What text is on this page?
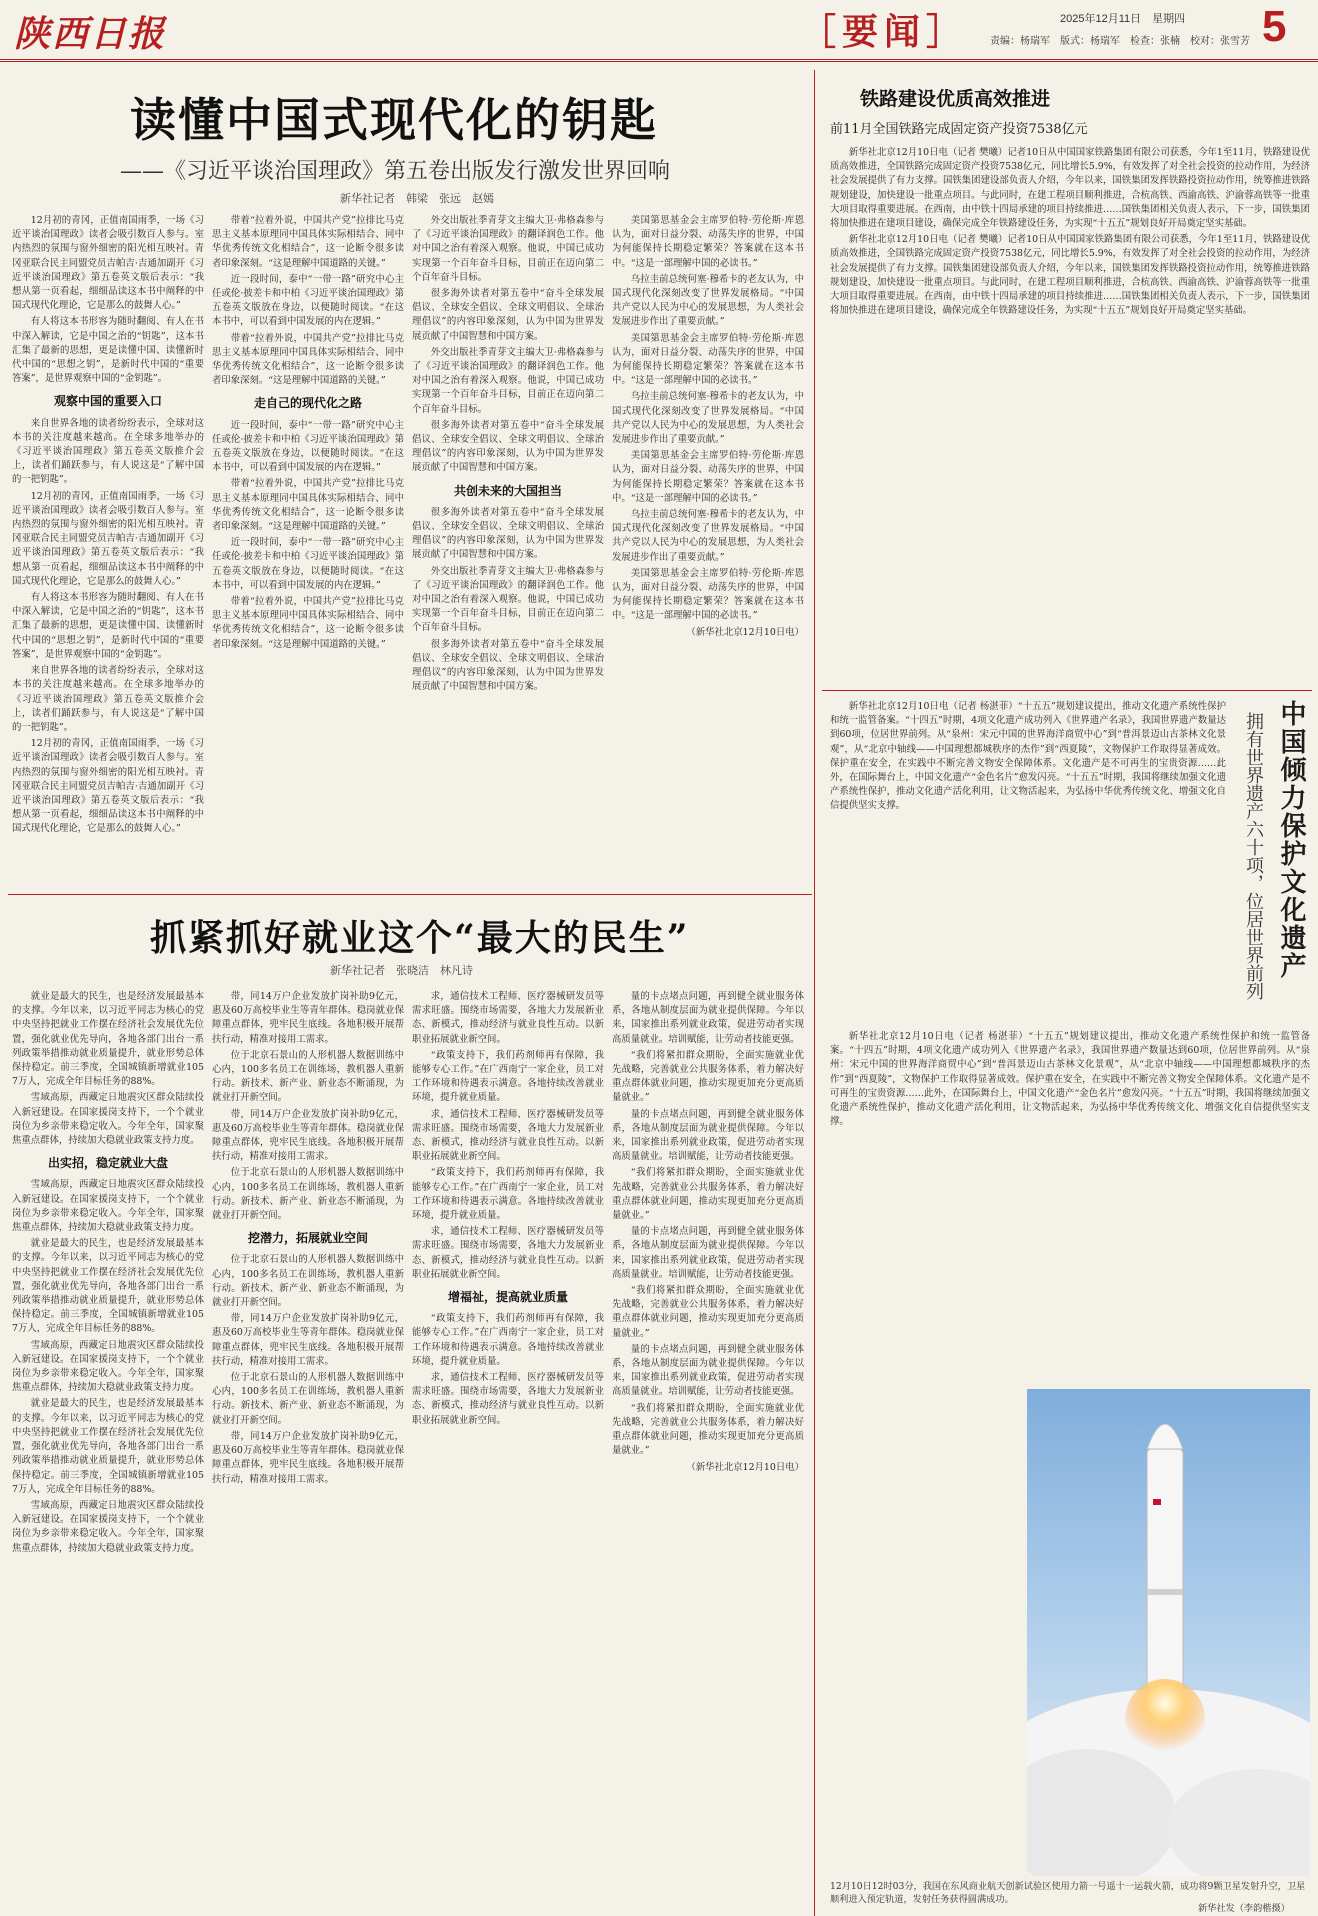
陕西日报	［要闻］	2025年12月11日　星期四
责编：杨瑞军　版式：杨瑞军　检查：张楠　校对：张雪芳 5
读懂中国式现代化的钥匙
——《习近平谈治国理政》第五卷出版发行激发世界回响
新华社记者　韩梁　张远　赵嫣

12月初的青冈，正值南国雨季，一场《习近平谈治国理政》读者会吸引数百人参与。室内热烈的氛围与窗外细密的阳光相互映衬。青冈亚联合民主同盟党员吉帕吉·吉通加副开《习近平谈治国理政》第五卷英文版后表示：“我想从第一页看起，细细品读这本书中阐释的中国式现代化理论，它是那么的鼓舞人心。”

有人将这本书形容为随时翻阅、有人在书中深入解读，它是中国之治的“钥匙”，这本书汇集了最新的思想，更是读懂中国、读懂新时代中国的“思想之钥”，是新时代中国的“重要答案”，是世界观察中国的“金钥匙”。

观察中国的重要入口

来自世界各地的读者纷纷表示，全球对这本书的关注度越来越高。在全球多地举办的《习近平谈治国理政》第五卷英文版推介会上，读者们踊跃参与，有人说这是“了解中国的一把钥匙”。

12月初的青冈，正值南国雨季，一场《习近平谈治国理政》读者会吸引数百人参与。室内热烈的氛围与窗外细密的阳光相互映衬。青冈亚联合民主同盟党员吉帕吉·吉通加副开《习近平谈治国理政》第五卷英文版后表示：“我想从第一页看起，细细品读这本书中阐释的中国式现代化理论，它是那么的鼓舞人心。”

有人将这本书形容为随时翻阅、有人在书中深入解读，它是中国之治的“钥匙”，这本书汇集了最新的思想，更是读懂中国、读懂新时代中国的“思想之钥”，是新时代中国的“重要答案”，是世界观察中国的“金钥匙”。

来自世界各地的读者纷纷表示，全球对这本书的关注度越来越高。在全球多地举办的《习近平谈治国理政》第五卷英文版推介会上，读者们踊跃参与，有人说这是“了解中国的一把钥匙”。

12月初的青冈，正值南国雨季，一场《习近平谈治国理政》读者会吸引数百人参与。室内热烈的氛围与窗外细密的阳光相互映衬。青冈亚联合民主同盟党员吉帕吉·吉通加副开《习近平谈治国理政》第五卷英文版后表示：“我想从第一页看起，细细品读这本书中阐释的中国式现代化理论，它是那么的鼓舞人心。”

带着“拉着外说，中国共产党”拉排比马克思主义基本原理同中国具体实际相结合、同中华优秀传统文化相结合”，这一论断令很多读者印象深刻。“这是理解中国道路的关键。”

近一段时间，泰中“一带一路”研究中心主任或伦·披差卡和中柏《习近平谈治国理政》第五卷英文版放在身边，以便随时阅读。“在这本书中，可以看到中国发展的内在逻辑。”

带着“拉着外说，中国共产党”拉排比马克思主义基本原理同中国具体实际相结合、同中华优秀传统文化相结合”，这一论断令很多读者印象深刻。“这是理解中国道路的关键。”

走自己的现代化之路

近一段时间，泰中“一带一路”研究中心主任或伦·披差卡和中柏《习近平谈治国理政》第五卷英文版放在身边，以便随时阅读。“在这本书中，可以看到中国发展的内在逻辑。”

带着“拉着外说，中国共产党”拉排比马克思主义基本原理同中国具体实际相结合、同中华优秀传统文化相结合”，这一论断令很多读者印象深刻。“这是理解中国道路的关键。”

近一段时间，泰中“一带一路”研究中心主任或伦·披差卡和中柏《习近平谈治国理政》第五卷英文版放在身边，以便随时阅读。“在这本书中，可以看到中国发展的内在逻辑。”

带着“拉着外说，中国共产党”拉排比马克思主义基本原理同中国具体实际相结合、同中华优秀传统文化相结合”，这一论断令很多读者印象深刻。“这是理解中国道路的关键。”

外交出版社季青芽文主编大卫·弗格森参与了《习近平谈治国理政》的翻译润色工作。他对中国之治有着深入观察。他说，中国已成功实现第一个百年奋斗目标，目前正在迈向第二个百年奋斗目标。

很多海外读者对第五卷中“奋斗全球发展倡议、全球安全倡议、全球文明倡议、全球治理倡议”的内容印象深刻，认为中国为世界发展贡献了中国智慧和中国方案。

外交出版社季青芽文主编大卫·弗格森参与了《习近平谈治国理政》的翻译润色工作。他对中国之治有着深入观察。他说，中国已成功实现第一个百年奋斗目标，目前正在迈向第二个百年奋斗目标。

很多海外读者对第五卷中“奋斗全球发展倡议、全球安全倡议、全球文明倡议、全球治理倡议”的内容印象深刻，认为中国为世界发展贡献了中国智慧和中国方案。

共创未来的大国担当

很多海外读者对第五卷中“奋斗全球发展倡议、全球安全倡议、全球文明倡议、全球治理倡议”的内容印象深刻，认为中国为世界发展贡献了中国智慧和中国方案。

外交出版社季青芽文主编大卫·弗格森参与了《习近平谈治国理政》的翻译润色工作。他对中国之治有着深入观察。他说，中国已成功实现第一个百年奋斗目标，目前正在迈向第二个百年奋斗目标。

很多海外读者对第五卷中“奋斗全球发展倡议、全球安全倡议、全球文明倡议、全球治理倡议”的内容印象深刻，认为中国为世界发展贡献了中国智慧和中国方案。

美国第思基金会主席罗伯特·劳伦斯·库恩认为，面对日益分裂、动荡失序的世界，中国为何能保持长期稳定繁荣？答案就在这本书中。“这是一部理解中国的必读书。”

乌拉圭前总统何塞·穆希卡的老友认为，中国式现代化深刻改变了世界发展格局。“中国共产党以人民为中心的发展思想，为人类社会发展进步作出了重要贡献。”

美国第思基金会主席罗伯特·劳伦斯·库恩认为，面对日益分裂、动荡失序的世界，中国为何能保持长期稳定繁荣？答案就在这本书中。“这是一部理解中国的必读书。”

乌拉圭前总统何塞·穆希卡的老友认为，中国式现代化深刻改变了世界发展格局。“中国共产党以人民为中心的发展思想，为人类社会发展进步作出了重要贡献。”

美国第思基金会主席罗伯特·劳伦斯·库恩认为，面对日益分裂、动荡失序的世界，中国为何能保持长期稳定繁荣？答案就在这本书中。“这是一部理解中国的必读书。”

乌拉圭前总统何塞·穆希卡的老友认为，中国式现代化深刻改变了世界发展格局。“中国共产党以人民为中心的发展思想，为人类社会发展进步作出了重要贡献。”

美国第思基金会主席罗伯特·劳伦斯·库恩认为，面对日益分裂、动荡失序的世界，中国为何能保持长期稳定繁荣？答案就在这本书中。“这是一部理解中国的必读书。”

（新华社北京12月10日电）
铁路建设优质高效推进
前11月全国铁路完成固定资产投资7538亿元

新华社北京12月10日电（记者 樊曦）记者10日从中国国家铁路集团有限公司获悉，今年1至11月，铁路建设优质高效推进，全国铁路完成固定资产投资7538亿元，同比增长5.9%，有效发挥了对全社会投资的拉动作用，为经济社会发展提供了有力支撑。国铁集团建设部负责人介绍，今年以来，国铁集团发挥铁路投资拉动作用，统筹推进铁路规划建设，加快建设一批重点项目。与此同时，在建工程项目顺利推进，合杭高铁、西渝高铁、沪渝蓉高铁等一批重大项目取得重要进展。在西南，由中铁十四局承建的项目持续推进……国铁集团相关负责人表示，下一步，国铁集团将加快推进在建项目建设，确保完成全年铁路建设任务，为实现“十五五”规划良好开局奠定坚实基础。

新华社北京12月10日电（记者 樊曦）记者10日从中国国家铁路集团有限公司获悉，今年1至11月，铁路建设优质高效推进，全国铁路完成固定资产投资7538亿元，同比增长5.9%，有效发挥了对全社会投资的拉动作用，为经济社会发展提供了有力支撑。国铁集团建设部负责人介绍，今年以来，国铁集团发挥铁路投资拉动作用，统筹推进铁路规划建设，加快建设一批重点项目。与此同时，在建工程项目顺利推进，合杭高铁、西渝高铁、沪渝蓉高铁等一批重大项目取得重要进展。在西南，由中铁十四局承建的项目持续推进……国铁集团相关负责人表示，下一步，国铁集团将加快推进在建项目建设，确保完成全年铁路建设任务，为实现“十五五”规划良好开局奠定坚实基础。

中国倾力保护文化遗产
拥有世界遗产六十项，位居世界前列

新华社北京12月10日电（记者 杨湛菲）“十五五”规划建议提出，推动文化遗产系统性保护和统一监管备案。“十四五”时期，4项文化遗产成功列入《世界遗产名录》，我国世界遗产数量达到60项，位居世界前列。从“泉州：宋元中国的世界海洋商贸中心”到“普洱景迈山古茶林文化景观”，从“北京中轴线——中国理想都城秩序的杰作”到“西夏陵”，文物保护工作取得显著成效。保护重在安全，在实践中不断完善文物安全保障体系。文化遗产是不可再生的宝贵资源……此外，在国际舞台上，中国文化遗产“金色名片”愈发闪亮。“十五五”时期，我国将继续加强文化遗产系统性保护，推动文化遗产活化利用，让文物活起来，为弘扬中华优秀传统文化、增强文化自信提供坚实支撑。

新华社北京12月10日电（记者 杨湛菲）“十五五”规划建议提出，推动文化遗产系统性保护和统一监管备案。“十四五”时期，4项文化遗产成功列入《世界遗产名录》，我国世界遗产数量达到60项，位居世界前列。从“泉州：宋元中国的世界海洋商贸中心”到“普洱景迈山古茶林文化景观”，从“北京中轴线——中国理想都城秩序的杰作”到“西夏陵”，文物保护工作取得显著成效。保护重在安全，在实践中不断完善文物安全保障体系。文化遗产是不可再生的宝贵资源……此外，在国际舞台上，中国文化遗产“金色名片”愈发闪亮。“十五五”时期，我国将继续加强文化遗产系统性保护，推动文化遗产活化利用，让文物活起来，为弘扬中华优秀传统文化、增强文化自信提供坚实支撑。

12月10日12时03分，我国在东风商业航天创新试验区使用力箭一号遥十一运载火箭，成功将9颗卫星发射升空，卫星顺利进入预定轨道，发射任务获得圆满成功。
新华社发（李韵楷摄）
抓紧抓好就业这个“最大的民生”
新华社记者　张晓洁　林凡诗

就业是最大的民生，也是经济发展最基本的支撑。今年以来，以习近平同志为核心的党中央坚持把就业工作摆在经济社会发展优先位置，强化就业优先导向，各地各部门出台一系列政策举措推动就业质量提升，就业形势总体保持稳定。前三季度，全国城镇新增就业1057万人，完成全年目标任务的88%。

雪域高原，西藏定日地震灾区群众陆续投入新冠建设。在国家援岗支持下，一个个就业岗位为乡亲带来稳定收入。今年全年，国家聚焦重点群体，持续加大稳就业政策支持力度。

出实招，稳定就业大盘

雪域高原，西藏定日地震灾区群众陆续投入新冠建设。在国家援岗支持下，一个个就业岗位为乡亲带来稳定收入。今年全年，国家聚焦重点群体，持续加大稳就业政策支持力度。

就业是最大的民生，也是经济发展最基本的支撑。今年以来，以习近平同志为核心的党中央坚持把就业工作摆在经济社会发展优先位置，强化就业优先导向，各地各部门出台一系列政策举措推动就业质量提升，就业形势总体保持稳定。前三季度，全国城镇新增就业1057万人，完成全年目标任务的88%。

雪域高原，西藏定日地震灾区群众陆续投入新冠建设。在国家援岗支持下，一个个就业岗位为乡亲带来稳定收入。今年全年，国家聚焦重点群体，持续加大稳就业政策支持力度。

就业是最大的民生，也是经济发展最基本的支撑。今年以来，以习近平同志为核心的党中央坚持把就业工作摆在经济社会发展优先位置，强化就业优先导向，各地各部门出台一系列政策举措推动就业质量提升，就业形势总体保持稳定。前三季度，全国城镇新增就业1057万人，完成全年目标任务的88%。

雪域高原，西藏定日地震灾区群众陆续投入新冠建设。在国家援岗支持下，一个个就业岗位为乡亲带来稳定收入。今年全年，国家聚焦重点群体，持续加大稳就业政策支持力度。

带，同14万户企业发放扩岗补助9亿元，惠及60万高校毕业生等青年群体。稳岗就业保障重点群体，兜牢民生底线。各地积极开展帮扶行动，精准对接用工需求。

位于北京石景山的人形机器人数据训练中心内，100多名员工在训练场，教机器人重新行动。新技术、新产业、新业态不断涌现，为就业打开新空间。

带，同14万户企业发放扩岗补助9亿元，惠及60万高校毕业生等青年群体。稳岗就业保障重点群体，兜牢民生底线。各地积极开展帮扶行动，精准对接用工需求。

位于北京石景山的人形机器人数据训练中心内，100多名员工在训练场，教机器人重新行动。新技术、新产业、新业态不断涌现，为就业打开新空间。

挖潜力，拓展就业空间

位于北京石景山的人形机器人数据训练中心内，100多名员工在训练场，教机器人重新行动。新技术、新产业、新业态不断涌现，为就业打开新空间。

带，同14万户企业发放扩岗补助9亿元，惠及60万高校毕业生等青年群体。稳岗就业保障重点群体，兜牢民生底线。各地积极开展帮扶行动，精准对接用工需求。

位于北京石景山的人形机器人数据训练中心内，100多名员工在训练场，教机器人重新行动。新技术、新产业、新业态不断涌现，为就业打开新空间。

带，同14万户企业发放扩岗补助9亿元，惠及60万高校毕业生等青年群体。稳岗就业保障重点群体，兜牢民生底线。各地积极开展帮扶行动，精准对接用工需求。

求，通信技术工程师、医疗器械研发员等需求旺盛。围绕市场需要，各地大力发展新业态、新模式，推动经济与就业良性互动。以新职业拓展就业新空间。

“政策支持下，我们药剂师再有保障，我能够专心工作。”在广西南宁一家企业，员工对工作环境和待遇表示满意。各地持续改善就业环境，提升就业质量。

求，通信技术工程师、医疗器械研发员等需求旺盛。围绕市场需要，各地大力发展新业态、新模式，推动经济与就业良性互动。以新职业拓展就业新空间。

“政策支持下，我们药剂师再有保障，我能够专心工作。”在广西南宁一家企业，员工对工作环境和待遇表示满意。各地持续改善就业环境，提升就业质量。

求，通信技术工程师、医疗器械研发员等需求旺盛。围绕市场需要，各地大力发展新业态、新模式，推动经济与就业良性互动。以新职业拓展就业新空间。

增福祉，提高就业质量

“政策支持下，我们药剂师再有保障，我能够专心工作。”在广西南宁一家企业，员工对工作环境和待遇表示满意。各地持续改善就业环境，提升就业质量。

求，通信技术工程师、医疗器械研发员等需求旺盛。围绕市场需要，各地大力发展新业态、新模式，推动经济与就业良性互动。以新职业拓展就业新空间。

量的卡点堵点问题，再到健全就业服务体系，各地从制度层面为就业提供保障。今年以来，国家推出系列就业政策，促进劳动者实现高质量就业。培训赋能，让劳动者技能更强。

“我们将紧扣群众期盼，全面实施就业优先战略，完善就业公共服务体系，着力解决好重点群体就业问题，推动实现更加充分更高质量就业。”

量的卡点堵点问题，再到健全就业服务体系，各地从制度层面为就业提供保障。今年以来，国家推出系列就业政策，促进劳动者实现高质量就业。培训赋能，让劳动者技能更强。

“我们将紧扣群众期盼，全面实施就业优先战略，完善就业公共服务体系，着力解决好重点群体就业问题，推动实现更加充分更高质量就业。”

量的卡点堵点问题，再到健全就业服务体系，各地从制度层面为就业提供保障。今年以来，国家推出系列就业政策，促进劳动者实现高质量就业。培训赋能，让劳动者技能更强。

“我们将紧扣群众期盼，全面实施就业优先战略，完善就业公共服务体系，着力解决好重点群体就业问题，推动实现更加充分更高质量就业。”

量的卡点堵点问题，再到健全就业服务体系，各地从制度层面为就业提供保障。今年以来，国家推出系列就业政策，促进劳动者实现高质量就业。培训赋能，让劳动者技能更强。

“我们将紧扣群众期盼，全面实施就业优先战略，完善就业公共服务体系，着力解决好重点群体就业问题，推动实现更加充分更高质量就业。”

（新华社北京12月10日电）
